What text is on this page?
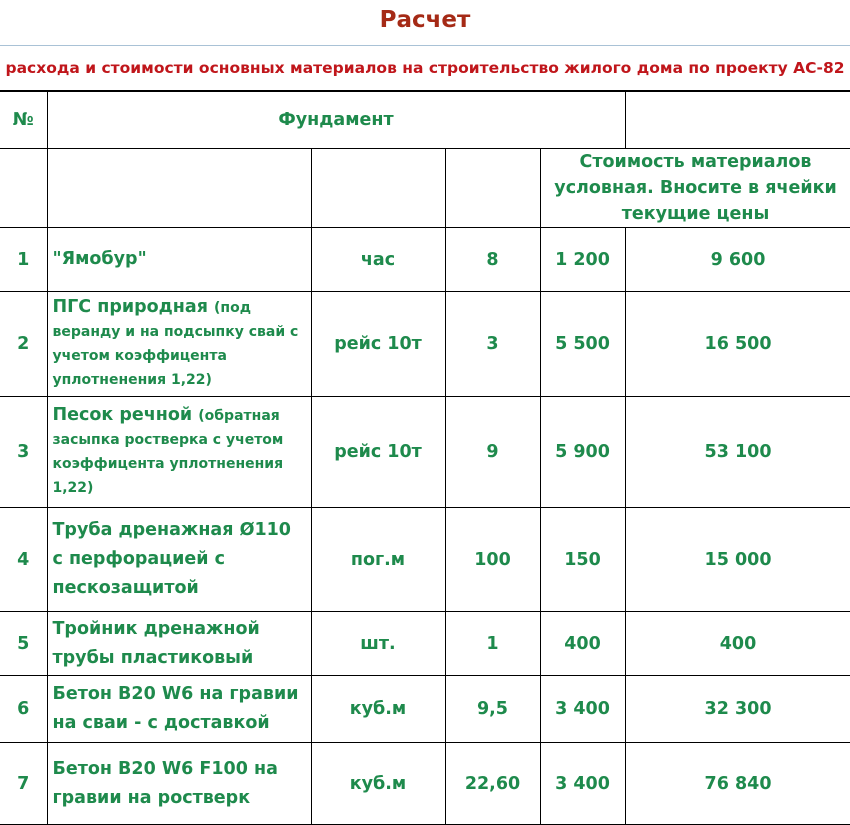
Расчет
расхода и стоимости основных материалов на строительство жилого дома по проекту АС-82
№	Фундамент				
				Стоимость материалов условная. Вносите в ячейки текущие цены	
1	"Ямобур"	час	8	1 200	9 600
2	ПГС природная (под веранду и на подсыпку свай с учетом коэффицента уплотненения 1,22)	рейс 10т	3	5 500	16 500
3	Песок речной (обратная засыпка ростверка с учетом коэффицента уплотненения 1,22)	рейс 10т	9	5 900	53 100
4	Труба дренажная Ø110 с перфорацией с пескозащитой	пог.м	100	150	15 000
5	Тройник дренажной трубы пластиковый	шт.	1	400	400
6	Бетон В20 W6 на гравии на сваи - с доставкой	куб.м	9,5	3 400	32 300
7	Бетон В20 W6 F100 на гравии на ростверк	куб.м	22,60	3 400	76 840
